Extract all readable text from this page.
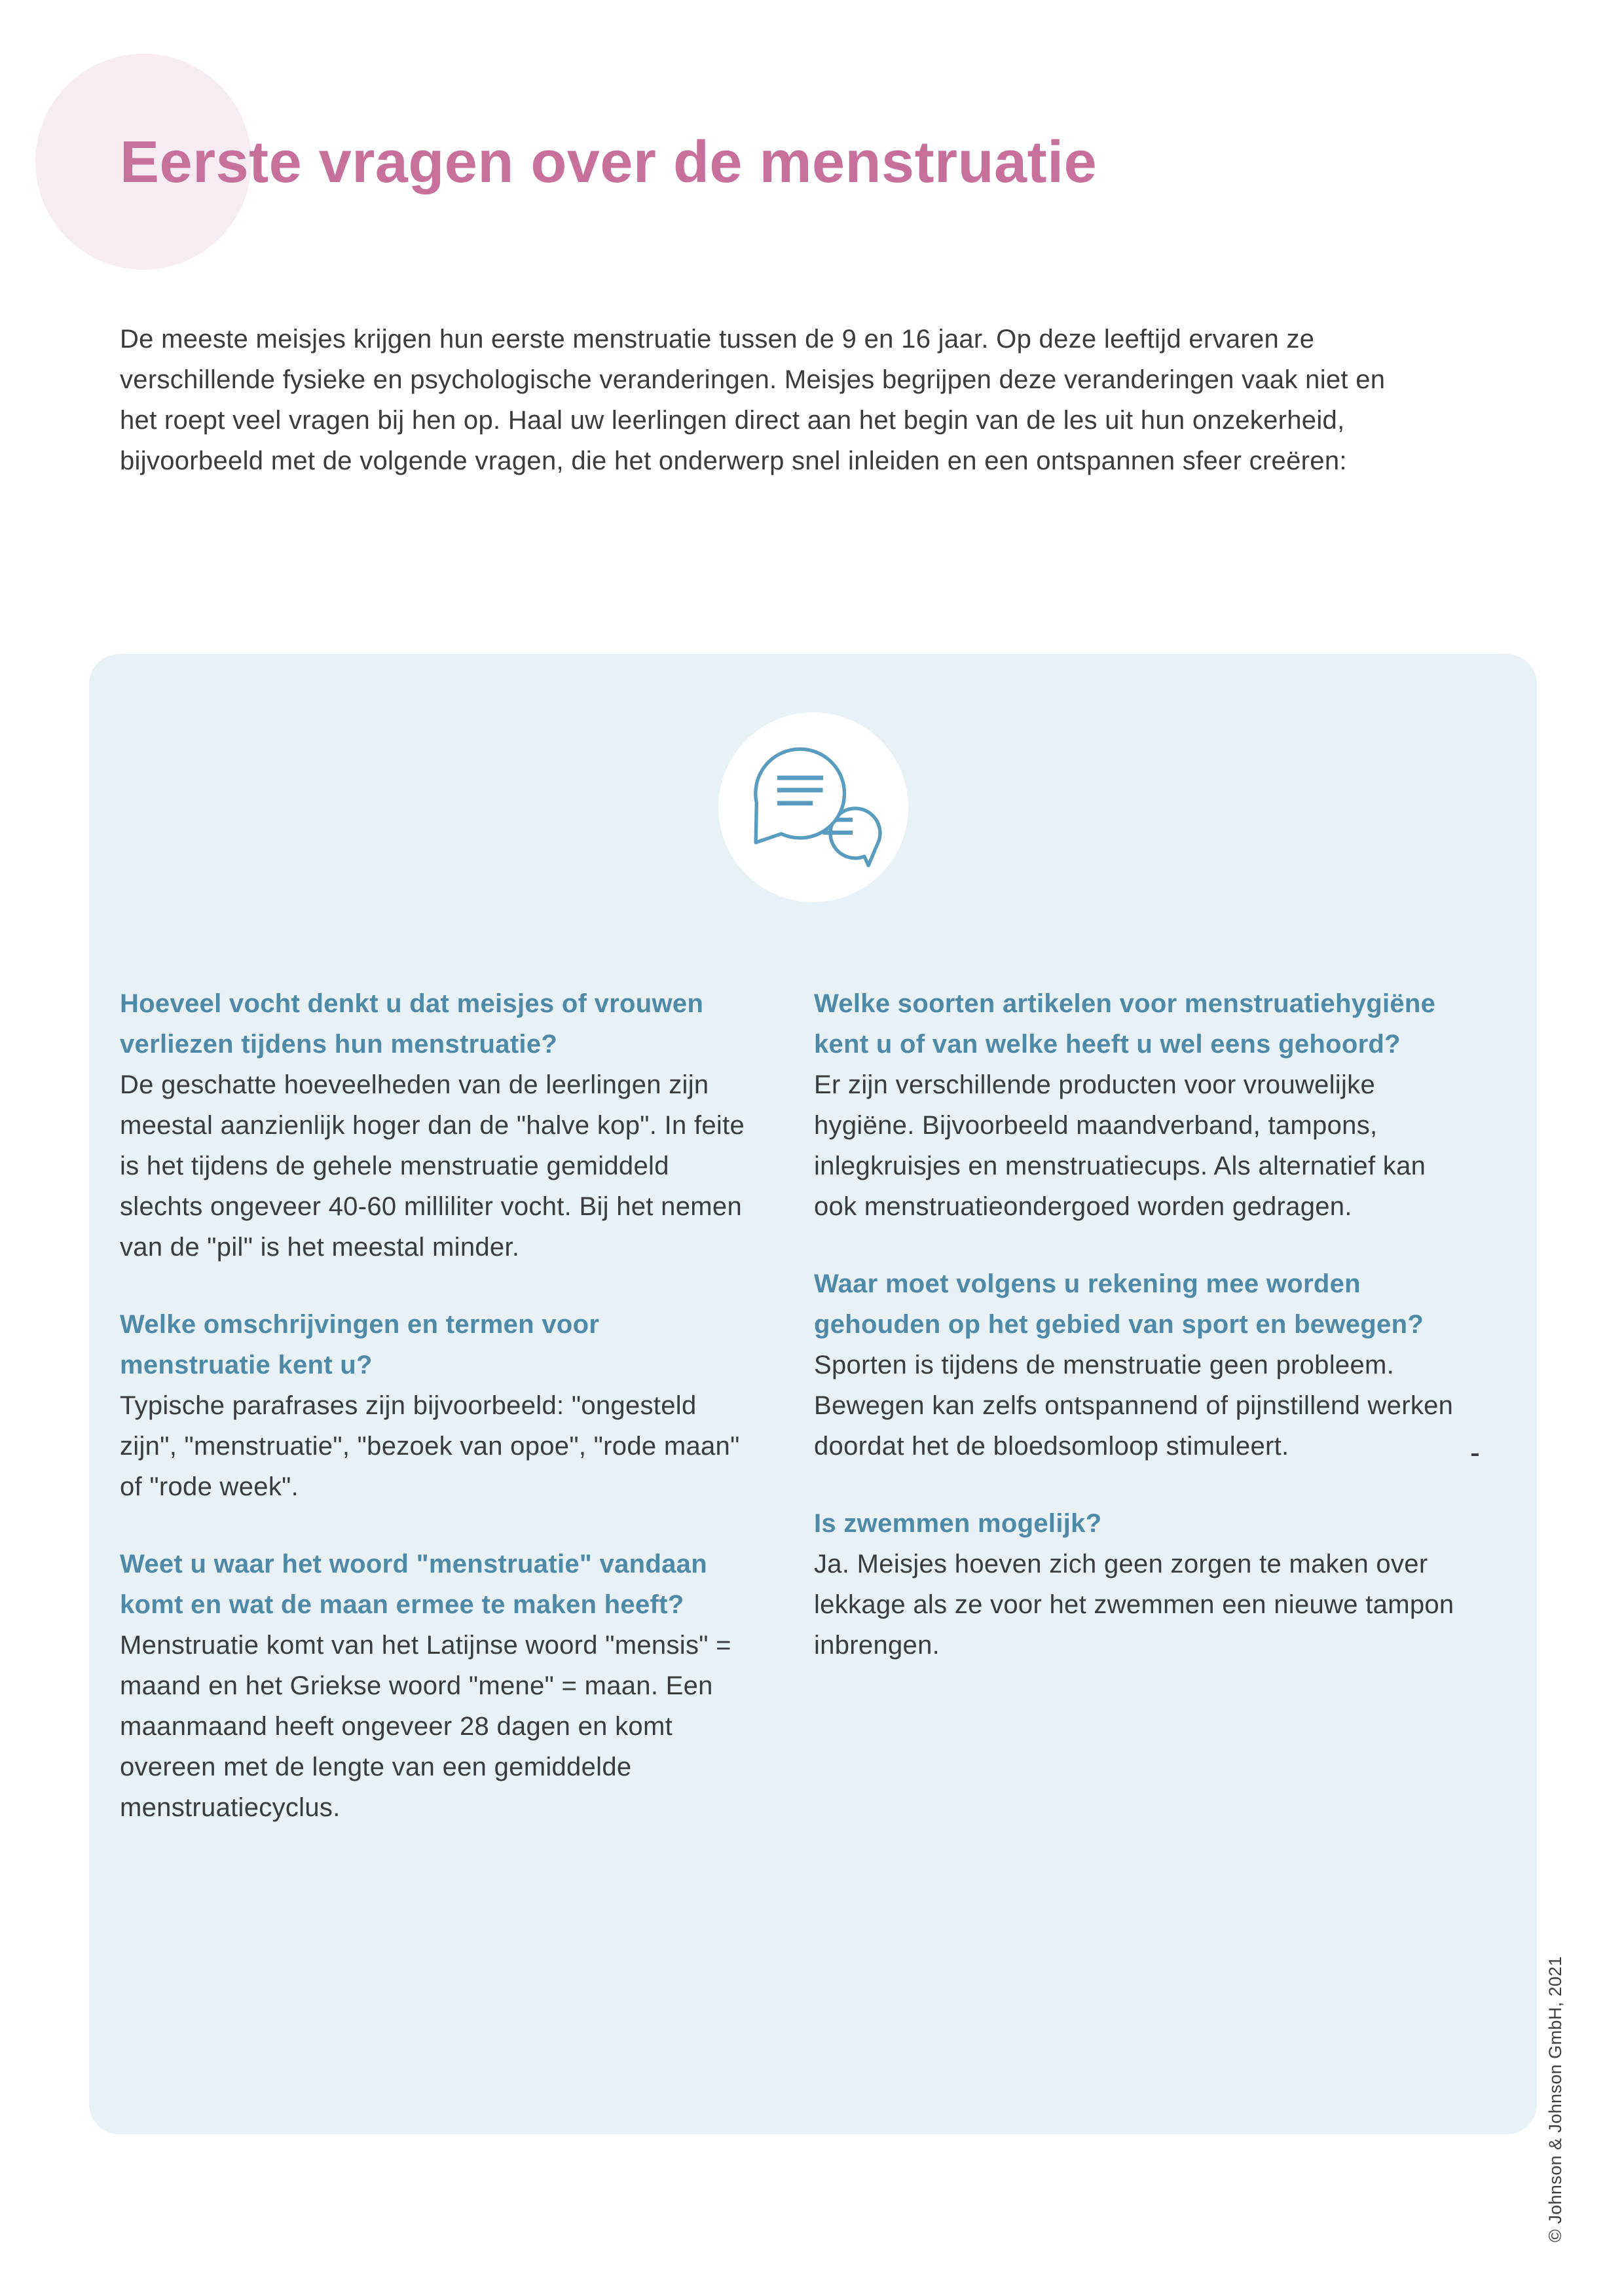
Eerste vragen over de menstruatie

De meeste meisjes krijgen hun eerste menstruatie tussen de 9 en 16 jaar. Op deze leeftijd ervaren ze verschillende fysieke en psychologische veranderingen. Meisjes begrijpen deze veranderingen vaak niet en het roept veel vragen bij hen op. Haal uw leerlingen direct aan het begin van de les uit hun onzekerheid, bijvoorbeeld met de volgende vragen, die het onderwerp snel inleiden en een ontspannen sfeer creëren:

Hoeveel vocht denkt u dat meisjes of vrouwen verliezen tijdens hun menstruatie?

De geschatte hoeveelheden van de leerlingen zijn meestal aanzienlijk hoger dan de "halve kop". In feite is het tijdens de gehele menstruatie gemiddeld slechts ongeveer 40-60 milliliter vocht. Bij het nemen van de "pil" is het meestal minder.

Welke omschrijvingen en termen voor menstruatie kent u?

Typische parafrases zijn bijvoorbeeld: "ongesteld zijn", "menstruatie", "bezoek van opoe", "rode maan" of "rode week".

Weet u waar het woord "menstruatie" vandaan komt en wat de maan ermee te maken heeft?

Menstruatie komt van het Latijnse woord "mensis" = maand en het Griekse woord "mene" = maan. Een maanmaand heeft ongeveer 28 dagen en komt overeen met de lengte van een gemiddelde menstruatiecyclus.

Welke soorten artikelen voor menstruatiehygiëne kent u of van welke heeft u wel eens gehoord?

Er zijn verschillende producten voor vrouwelijke hygiëne. Bijvoorbeeld maandverband, tampons, inlegkruisjes en menstruatiecups. Als alternatief kan ook menstruatieondergoed worden gedragen.

Waar moet volgens u rekening mee worden gehouden op het gebied van sport en bewegen?

Sporten is tijdens de menstruatie geen probleem. Bewegen kan zelfs ontspannend of pijnstillend werken doordat het de bloedsomloop stimuleert.

Is zwemmen mogelijk?

Ja. Meisjes hoeven zich geen zorgen te maken over lekkage als ze voor het zwemmen een nieuwe tampon inbrengen.

© Johnson & Johnson GmbH, 2021
